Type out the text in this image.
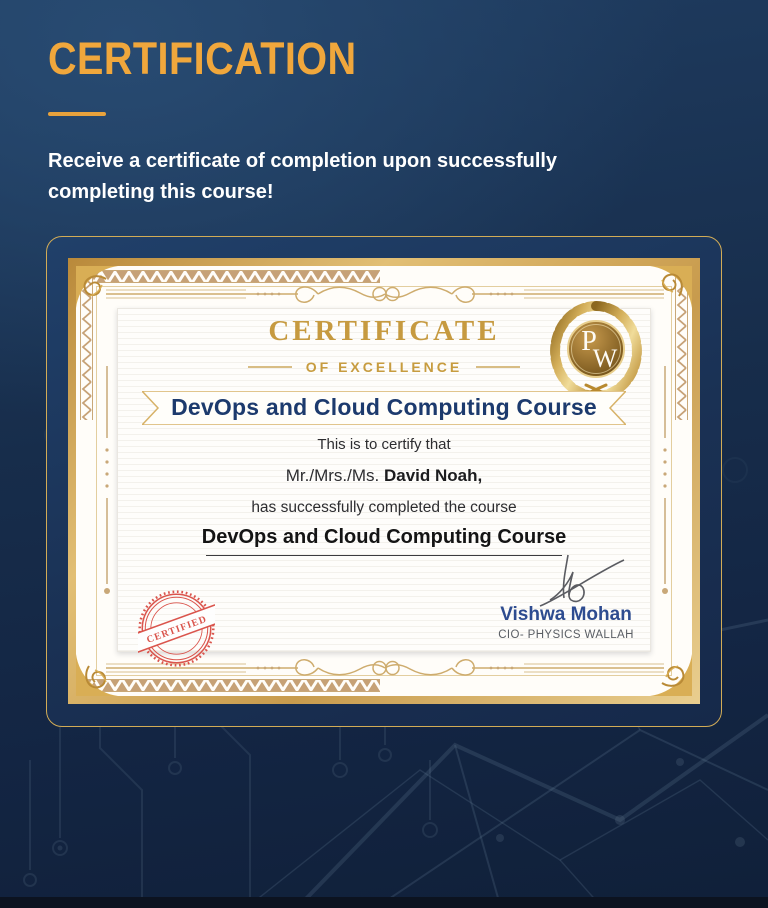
CERTIFICATION

Receive a certificate of completion upon successfully completing this course!

CERTIFICATE
OF EXCELLENCE
P
W
DevOps and Cloud Computing Course
This is to certify that
Mr./Mrs./Ms. David Noah,
has successfully completed the course
DevOps and Cloud Computing Course
CERTIFIED	Vishwa Mohan
CIO- PHYSICS WALLAH
